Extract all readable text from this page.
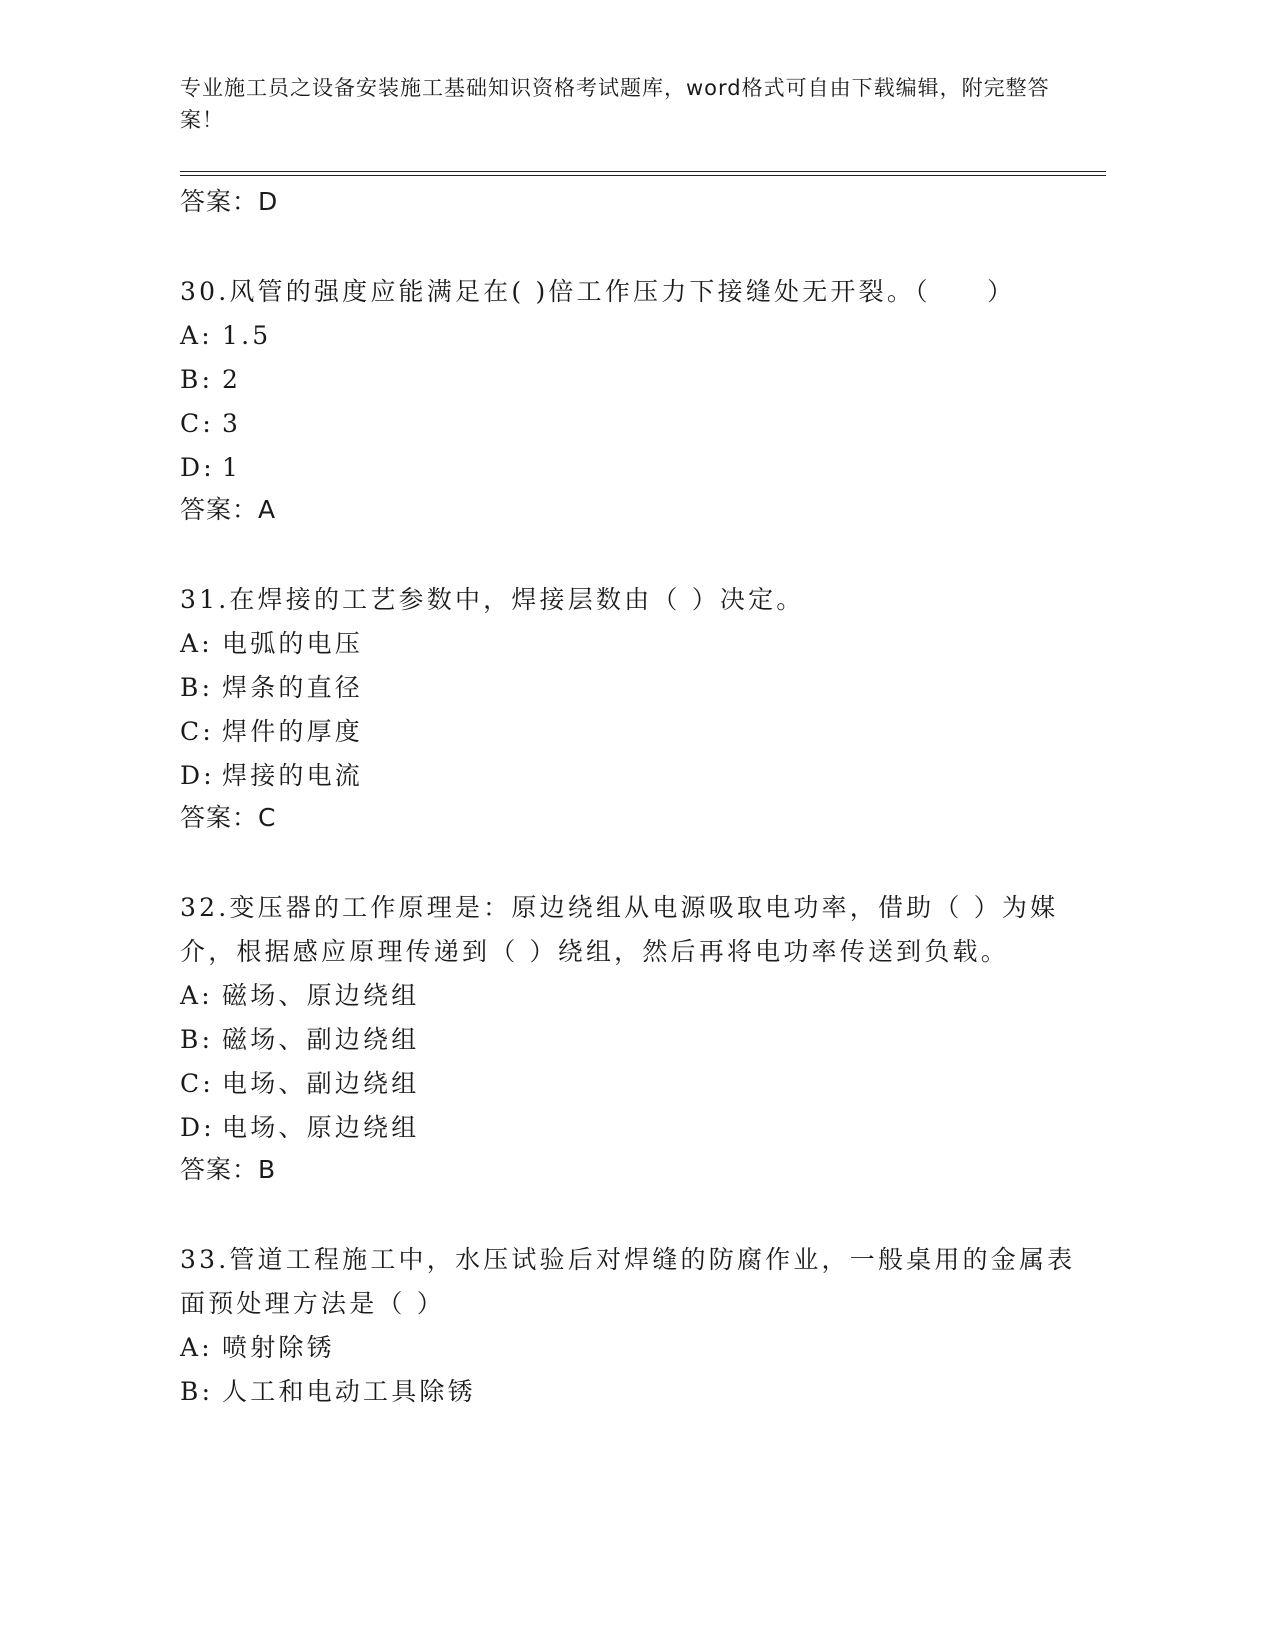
专业施工员之设备安装施工基础知识资格考试题库，word格式可自由下载编辑，附完整答案！
答案：D
30.风管的强度应能满足在( )倍工作压力下接缝处无开裂。（　　）
A: 1.5
B: 2
C: 3
D: 1
答案：A
31.在焊接的工艺参数中，焊接层数由（ ）决定。
A: 电弧的电压
B: 焊条的直径
C: 焊件的厚度
D: 焊接的电流
答案：C
32.变压器的工作原理是：原边绕组从电源吸取电功率，借助（ ）为媒介，根据感应原理传递到（ ）绕组，然后再将电功率传送到负载。
A: 磁场、原边绕组
B: 磁场、副边绕组
C: 电场、副边绕组
D: 电场、原边绕组
答案：B
33.管道工程施工中，水压试验后对焊缝的防腐作业，一般桌用的金属表面预处理方法是（ ）
A: 喷射除锈
B: 人工和电动工具除锈
